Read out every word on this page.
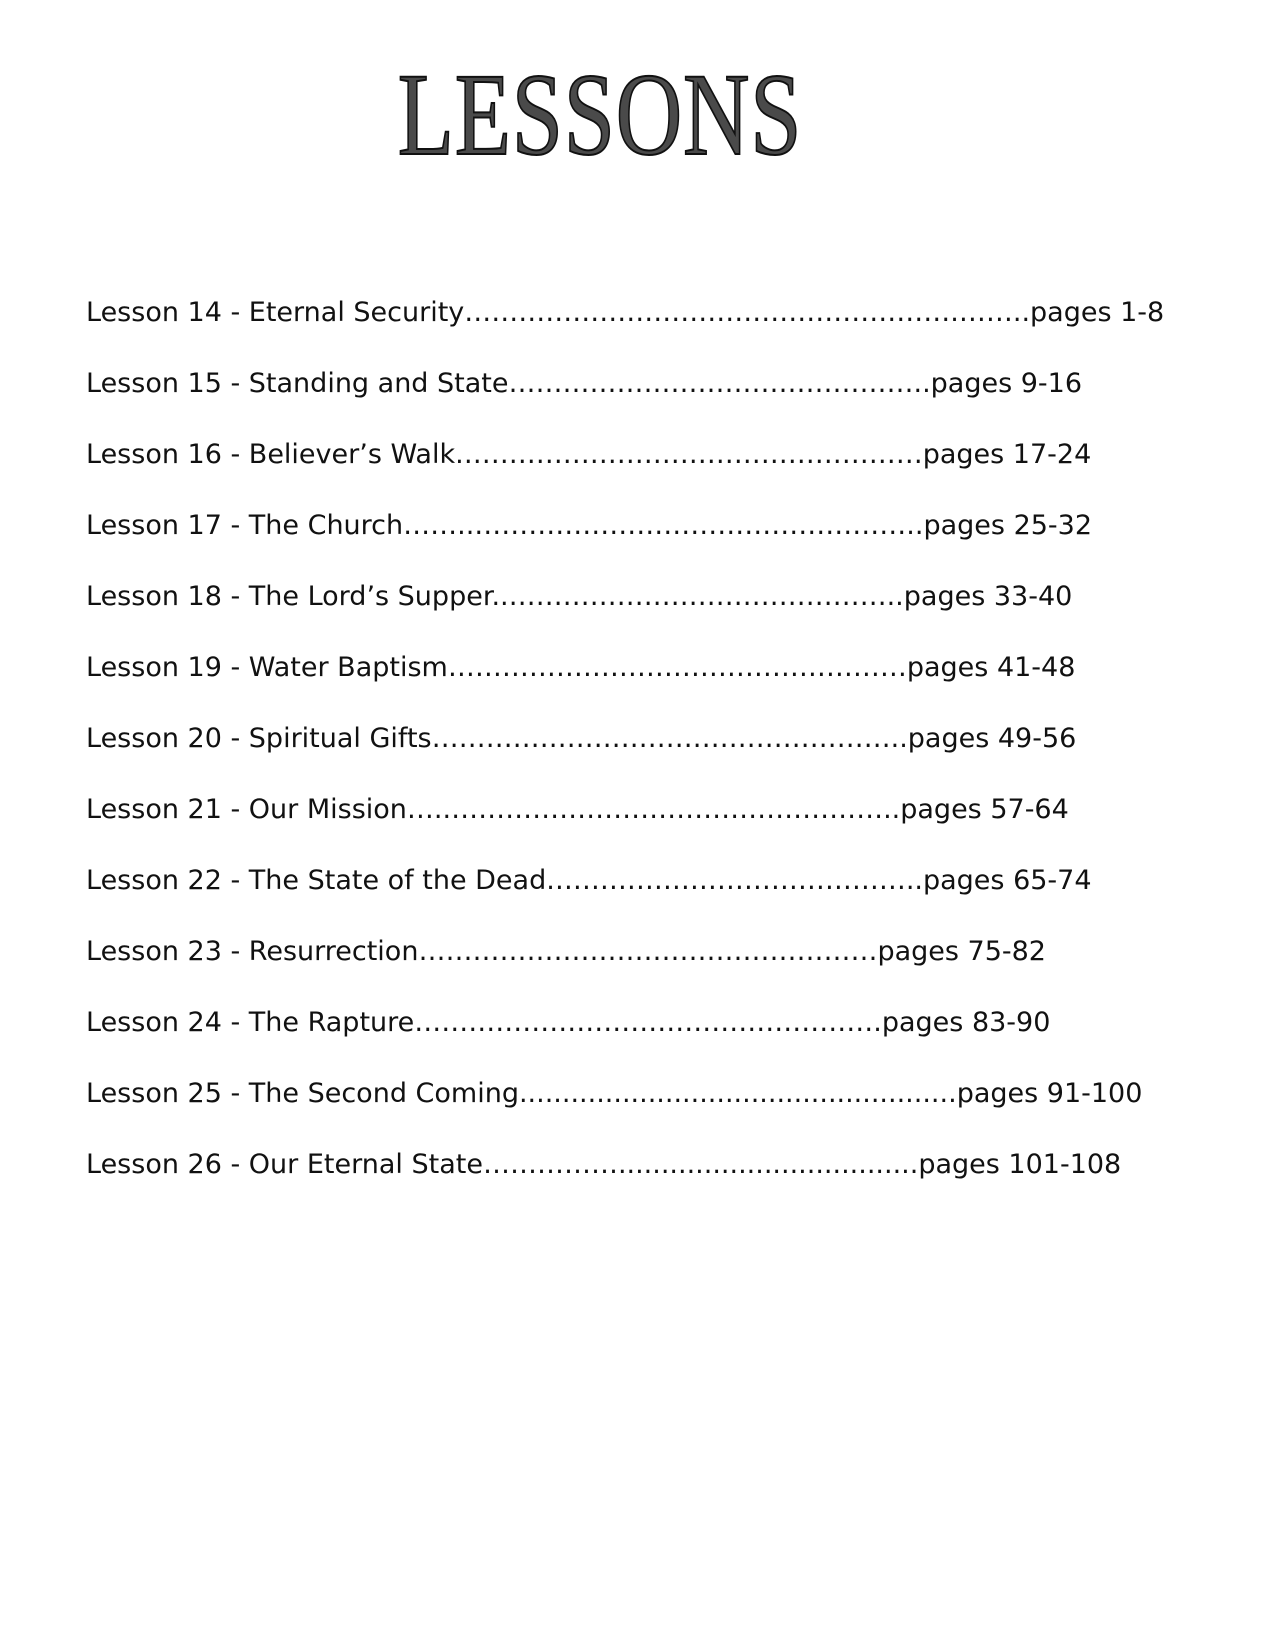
LESSONS
Lesson 14 - Eternal Security……………………………………………….……..pages 1-8
Lesson 15 - Standing and State………………………………………..pages 9-16
Lesson 16 - Believer’s Walk.……………………………………………pages 17-24
Lesson 17 - The Church……..…………………………………………..pages 25-32
Lesson 18 - The Lord’s Supper..……………………………………..pages 33-40
Lesson 19 - Water Baptism……………………………………………pages 41-48
Lesson 20 - Spiritual Gifts……………………………………………..pages 49-56
Lesson 21 - Our Mission…..…………………………………………..pages 57-64
Lesson 22 - The State of the Dead.…………………………………..pages 65-74
Lesson 23 - Resurrection……………………………………………pages 75-82
Lesson 24 - The Rapture…………………………………………….pages 83-90
Lesson 25 - The Second Coming...................................................pages 91-100
Lesson 26 - Our Eternal State……………...................................pages 101-108
